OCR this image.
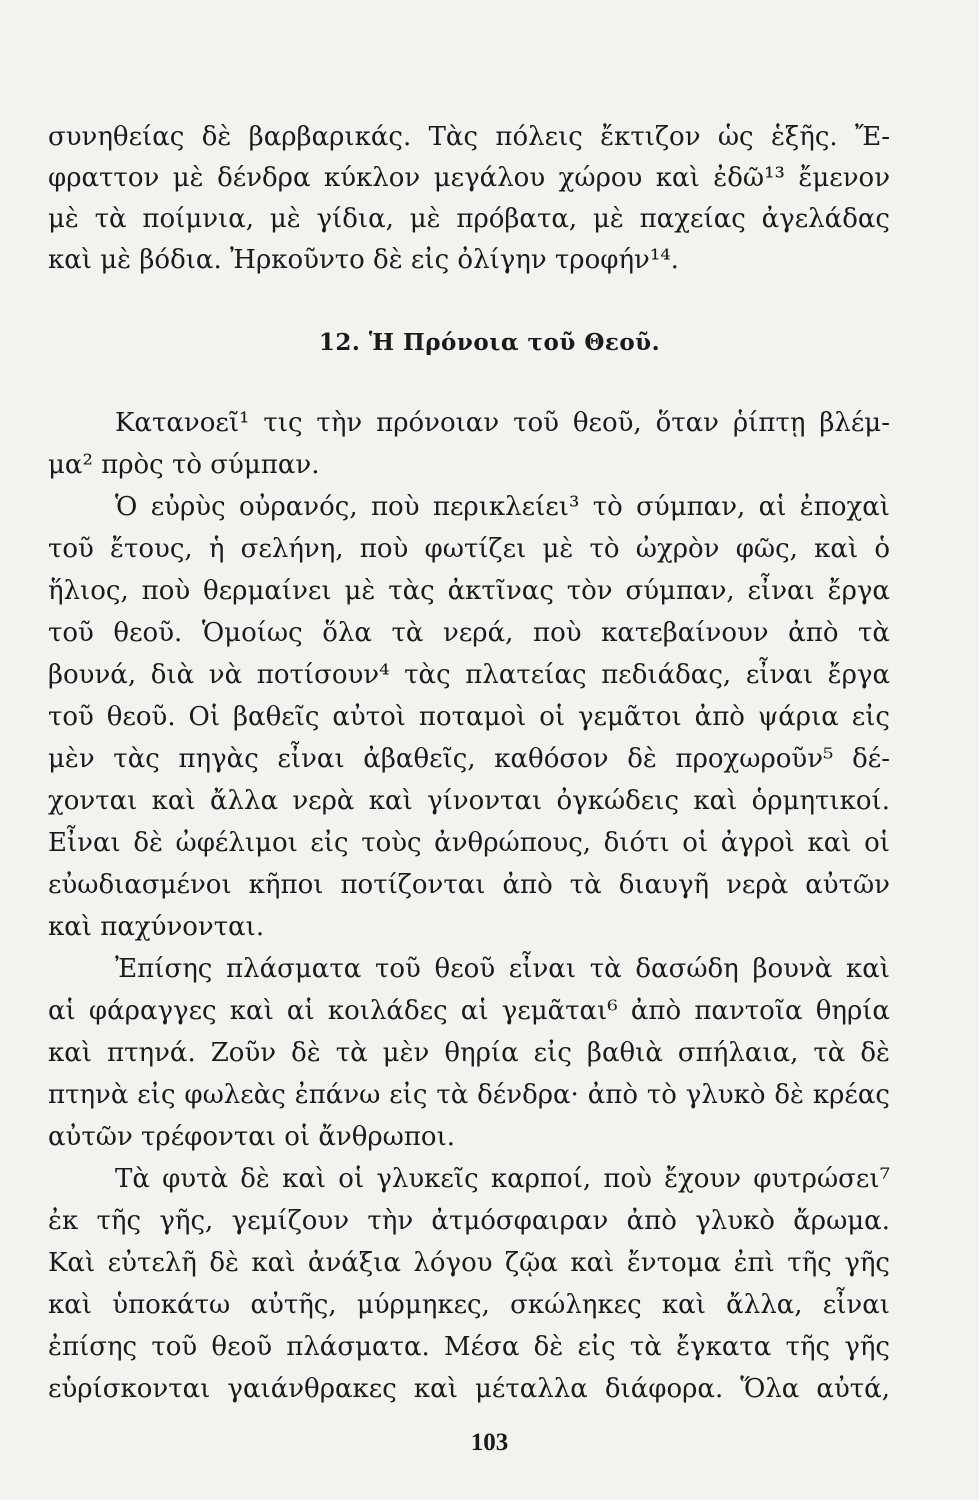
συνηθείας δὲ βαρβαρικάς. Τὰς πόλεις ἔκτιζον ὡς ἑξῆς. Ἔ-
φραττον μὲ δένδρα κύκλον μεγάλου χώρου καὶ ἐδῶ¹³ ἔμενον
μὲ τὰ ποίμνια, μὲ γίδια, μὲ πρόβατα, μὲ παχείας ἀγελάδας
καὶ μὲ βόδια. Ἠρκοῦντο δὲ εἰς ὀλίγην τροφήν¹⁴.
12. Ἡ Πρόνοια τοῦ Θεοῦ.
Κατανοεῖ¹ τις τὴν πρόνοιαν τοῦ θεοῦ, ὅταν ῥίπτῃ βλέμ-
μα² πρὸς τὸ σύμπαν.
Ὁ εὐρὺς οὐρανός, ποὺ περικλείει³ τὸ σύμπαν, αἱ ἐποχαὶ
τοῦ ἔτους, ἡ σελήνη, ποὺ φωτίζει μὲ τὸ ὠχρὸν φῶς, καὶ ὁ
ἥλιος, ποὺ θερμαίνει μὲ τὰς ἀκτῖνας τὸν σύμπαν, εἶναι ἔργα
τοῦ θεοῦ. Ὁμοίως ὅλα τὰ νερά, ποὺ κατεβαίνουν ἀπὸ τὰ
βουνά, διὰ νὰ ποτίσουν⁴ τὰς πλατείας πεδιάδας, εἶναι ἔργα
τοῦ θεοῦ. Οἱ βαθεῖς αὐτοὶ ποταμοὶ οἱ γεμᾶτοι ἀπὸ ψάρια εἰς
μὲν τὰς πηγὰς εἶναι ἀβαθεῖς, καθόσον δὲ προχωροῦν⁵ δέ-
χονται καὶ ἄλλα νερὰ καὶ γίνονται ὀγκώδεις καὶ ὁρμητικοί.
Εἶναι δὲ ὠφέλιμοι εἰς τοὺς ἀνθρώπους, διότι οἱ ἀγροὶ καὶ οἱ
εὐωδιασμένοι κῆποι ποτίζονται ἀπὸ τὰ διαυγῆ νερὰ αὐτῶν
καὶ παχύνονται.
Ἐπίσης πλάσματα τοῦ θεοῦ εἶναι τὰ δασώδη βουνὰ καὶ
αἱ φάραγγες καὶ αἱ κοιλάδες αἱ γεμᾶται⁶ ἀπὸ παντοῖα θηρία
καὶ πτηνά. Ζοῦν δὲ τὰ μὲν θηρία εἰς βαθιὰ σπήλαια, τὰ δὲ
πτηνὰ εἰς φωλεὰς ἐπάνω εἰς τὰ δένδρα· ἀπὸ τὸ γλυκὸ δὲ κρέας
αὐτῶν τρέφονται οἱ ἄνθρωποι.
Τὰ φυτὰ δὲ καὶ οἱ γλυκεῖς καρποί, ποὺ ἔχουν φυτρώσει⁷
ἐκ τῆς γῆς, γεμίζουν τὴν ἀτμόσφαιραν ἀπὸ γλυκὸ ἄρωμα.
Καὶ εὐτελῆ δὲ καὶ ἀνάξια λόγου ζῷα καὶ ἔντομα ἐπὶ τῆς γῆς
καὶ ὑποκάτω αὐτῆς, μύρμηκες, σκώληκες καὶ ἄλλα, εἶναι
ἐπίσης τοῦ θεοῦ πλάσματα. Μέσα δὲ εἰς τὰ ἔγκατα τῆς γῆς
εὑρίσκονται γαιάνθρακες καὶ μέταλλα διάφορα. Ὅλα αὐτά,
103
